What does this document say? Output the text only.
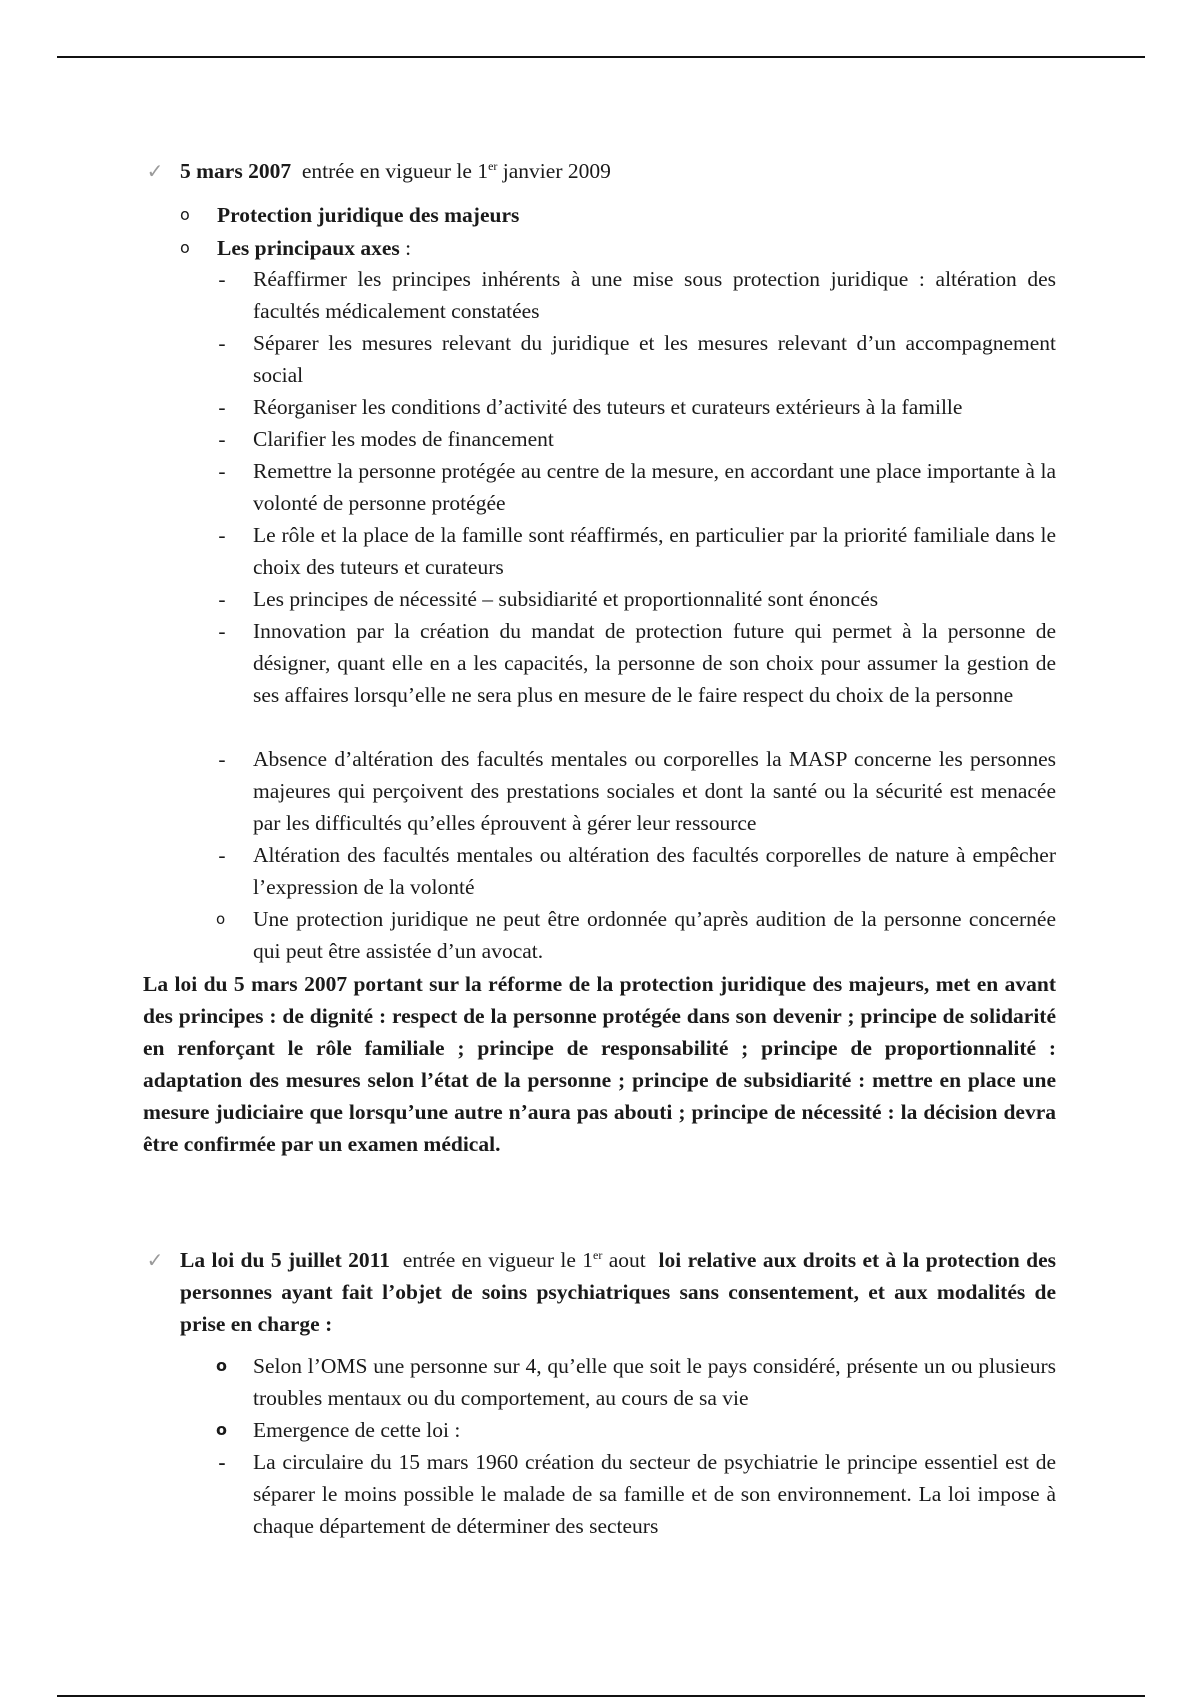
✓ 5 mars 2007 entrée en vigueur le 1er janvier 2009
o Protection juridique des majeurs
o Les principaux axes :
- Réaffirmer les principes inhérents à une mise sous protection juridique : altération des facultés médicalement constatées
- Séparer les mesures relevant du juridique et les mesures relevant d’un accompagnement social
- Réorganiser les conditions d’activité des tuteurs et curateurs extérieurs à la famille
- Clarifier les modes de financement
- Remettre la personne protégée au centre de la mesure, en accordant une place importante à la volonté de personne protégée
- Le rôle et la place de la famille sont réaffirmés, en particulier par la priorité familiale dans le choix des tuteurs et curateurs
- Les principes de nécessité – subsidiarité et proportionnalité sont énoncés
- Innovation par la création du mandat de protection future qui permet à la personne de désigner, quant elle en a les capacités, la personne de son choix pour assumer la gestion de ses affaires lorsqu’elle ne sera plus en mesure de le faire respect du choix de la personne
- Absence d’altération des facultés mentales ou corporelles la MASP concerne les personnes majeures qui perçoivent des prestations sociales et dont la santé ou la sécurité est menacée par les difficultés qu’elles éprouvent à gérer leur ressource
- Altération des facultés mentales ou altération des facultés corporelles de nature à empêcher l’expression de la volonté
o Une protection juridique ne peut être ordonnée qu’après audition de la personne concernée qui peut être assistée d’un avocat.
La loi du 5 mars 2007 portant sur la réforme de la protection juridique des majeurs, met en avant des principes : de dignité : respect de la personne protégée dans son devenir ; principe de solidarité en renforçant le rôle familiale ; principe de responsabilité ; principe de proportionnalité : adaptation des mesures selon l’état de la personne ; principe de subsidiarité : mettre en place une mesure judiciaire que lorsqu’une autre n’aura pas abouti ; principe de nécessité : la décision devra être confirmée par un examen médical.
✓ La loi du 5 juillet 2011 entrée en vigueur le 1er aout loi relative aux droits et à la protection des personnes ayant fait l’objet de soins psychiatriques sans consentement, et aux modalités de prise en charge :
o Selon l’OMS une personne sur 4, qu’elle que soit le pays considéré, présente un ou plusieurs troubles mentaux ou du comportement, au cours de sa vie
o Emergence de cette loi :
- La circulaire du 15 mars 1960 création du secteur de psychiatrie le principe essentiel est de séparer le moins possible le malade de sa famille et de son environnement. La loi impose à chaque département de déterminer des secteurs
